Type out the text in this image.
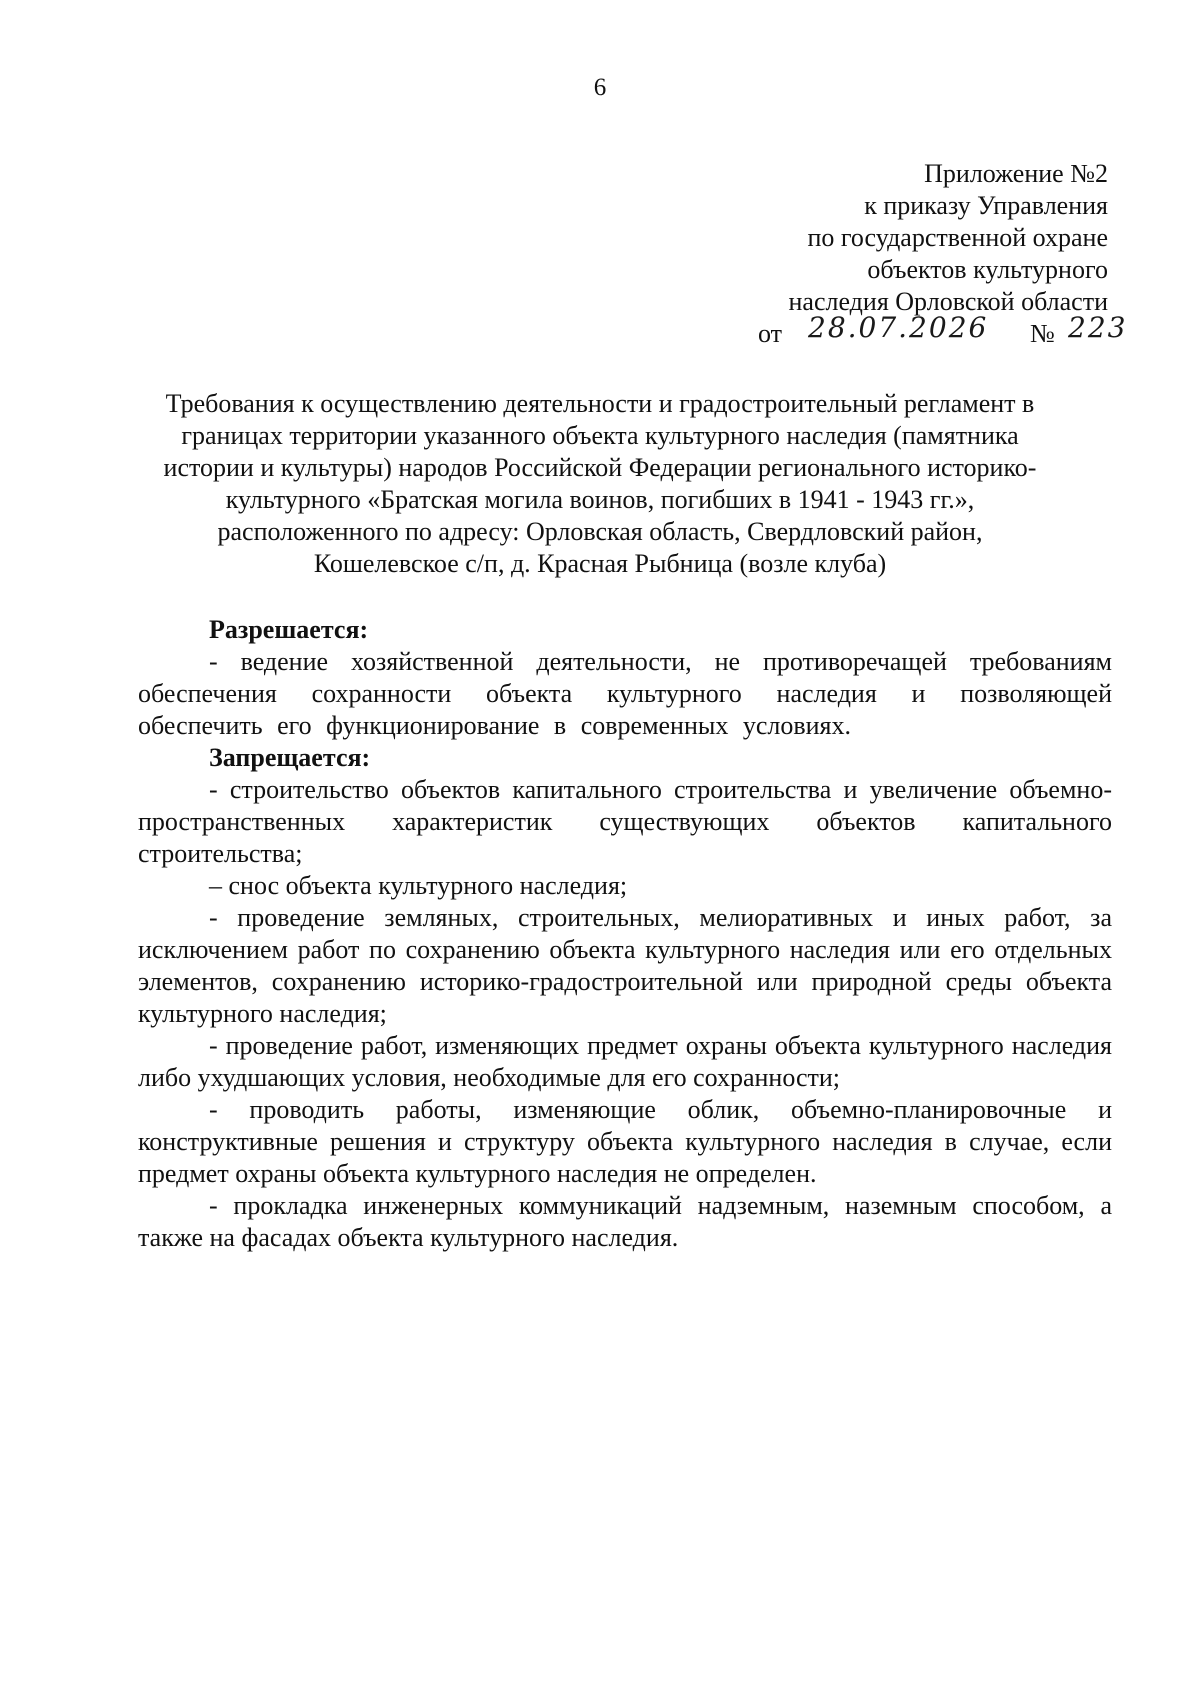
6
Приложение №2
к приказу Управления
по государственной охране
объектов культурного
наследия Орловской области
от 28.07.2026 № 223
Требования к осуществлению деятельности и градостроительный регламент в
границах территории указанного объекта культурного наследия (памятника
истории и культуры) народов Российской Федерации регионального историко-
культурного «Братская могила воинов, погибших в 1941 - 1943 гг.»,
расположенного по адресу: Орловская область, Свердловский район,
Кошелевское с/п, д. Красная Рыбница (возле клуба)
Разрешается:

- ведение хозяйственной деятельности, не противоречащей требованиям обеспечения сохранности объекта культурного наследия и позволяющей обеспечить его функционирование в современных условиях.

Запрещается:

- строительство объектов капитального строительства и увеличение объемно-пространственных характеристик существующих объектов капитального строительства;

– снос объекта культурного наследия;

- проведение земляных, строительных, мелиоративных и иных работ, за исключением работ по сохранению объекта культурного наследия или его отдельных элементов, сохранению историко-градостроительной или природной среды объекта культурного наследия;

- проведение работ, изменяющих предмет охраны объекта культурного наследия либо ухудшающих условия, необходимые для его сохранности;

- проводить работы, изменяющие облик, объемно-планировочные и конструктивные решения и структуру объекта культурного наследия в случае, если предмет охраны объекта культурного наследия не определен.

- прокладка инженерных коммуникаций надземным, наземным способом, а также на фасадах объекта культурного наследия.
